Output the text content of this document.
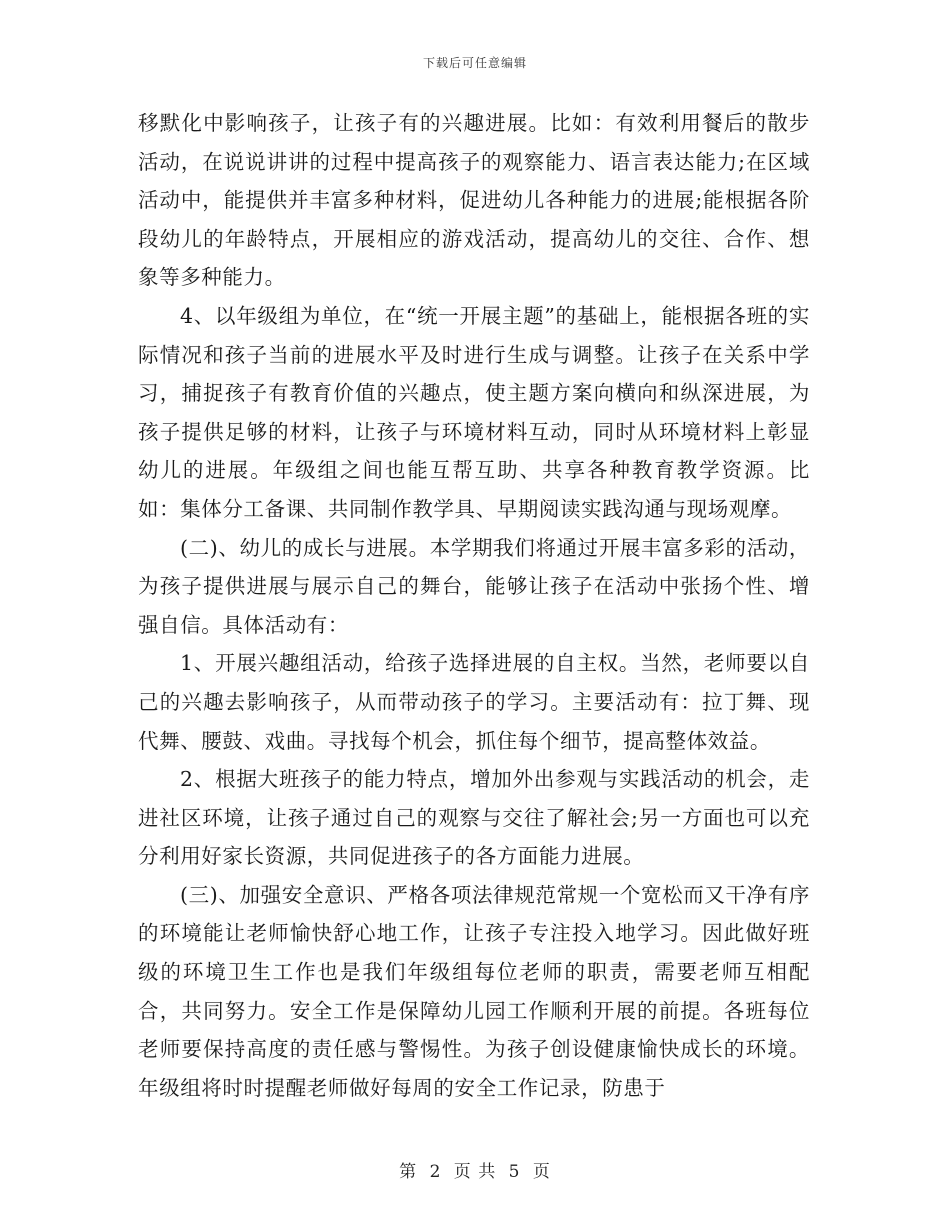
下载后可任意编辑

移默化中影响孩子，让孩子有的兴趣进展。比如：有效利用餐后的散步活动，在说说讲讲的过程中提高孩子的观察能力、语言表达能力;在区域活动中，能提供并丰富多种材料，促进幼儿各种能力的进展;能根据各阶段幼儿的年龄特点，开展相应的游戏活动，提高幼儿的交往、合作、想象等多种能力。

4、以年级组为单位，在“统一开展主题”的基础上，能根据各班的实际情况和孩子当前的进展水平及时进行生成与调整。让孩子在关系中学习，捕捉孩子有教育价值的兴趣点，使主题方案向横向和纵深进展，为孩子提供足够的材料，让孩子与环境材料互动，同时从环境材料上彰显幼儿的进展。年级组之间也能互帮互助、共享各种教育教学资源。比如：集体分工备课、共同制作教学具、早期阅读实践沟通与现场观摩。

(二)、幼儿的成长与进展。本学期我们将通过开展丰富多彩的活动，为孩子提供进展与展示自己的舞台，能够让孩子在活动中张扬个性、增强自信。具体活动有：

1、开展兴趣组活动，给孩子选择进展的自主权。当然，老师要以自己的兴趣去影响孩子，从而带动孩子的学习。主要活动有：拉丁舞、现代舞、腰鼓、戏曲。寻找每个机会，抓住每个细节，提高整体效益。

2、根据大班孩子的能力特点，增加外出参观与实践活动的机会，走进社区环境，让孩子通过自己的观察与交往了解社会;另一方面也可以充分利用好家长资源，共同促进孩子的各方面能力进展。

(三)、加强安全意识、严格各项法律规范常规一个宽松而又干净有序的环境能让老师愉快舒心地工作，让孩子专注投入地学习。因此做好班级的环境卫生工作也是我们年级组每位老师的职责，需要老师互相配合，共同努力。安全工作是保障幼儿园工作顺利开展的前提。各班每位老师要保持高度的责任感与警惕性。为孩子创设健康愉快成长的环境。年级组将时时提醒老师做好每周的安全工作记录，防患于

第 2 页 共 5 页
